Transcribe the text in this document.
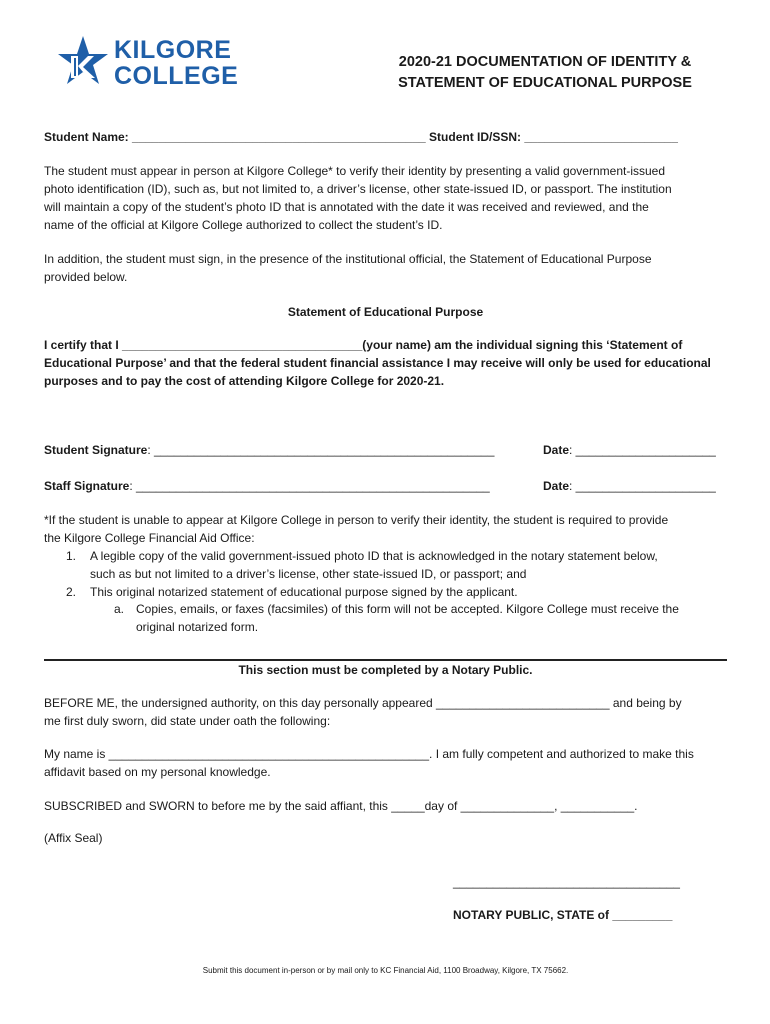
KILGORE
COLLEGE	2020-21 DOCUMENTATION OF IDENTITY &
STATEMENT OF EDUCATIONAL PURPOSE
Student Name: ____________________________________________ Student ID/SSN: _______________________
The student must appear in person at Kilgore College* to verify their identity by presenting a valid government-issued
photo identification (ID), such as, but not limited to, a driver’s license, other state-issued ID, or passport. The institution
will maintain a copy of the student’s photo ID that is annotated with the date it was received and reviewed, and the
name of the official at Kilgore College authorized to collect the student’s ID.
In addition, the student must sign, in the presence of the institutional official, the Statement of Educational Purpose
provided below.
Statement of Educational Purpose
I certify that I ____________________________________(your name) am the individual signing this ‘Statement of
Educational Purpose’ and that the federal student financial assistance I may receive will only be used for educational
purposes and to pay the cost of attending Kilgore College for 2020-21.
Student Signature: ___________________________________________________	Date: _____________________
Staff Signature: _____________________________________________________	Date: _____________________
*If the student is unable to appear at Kilgore College in person to verify their identity, the student is required to provide
the Kilgore College Financial Aid Office:
1.	A legible copy of the valid government-issued photo ID that is acknowledged in the notary statement below,
such as but not limited to a driver’s license, other state-issued ID, or passport; and
2.	This original notarized statement of educational purpose signed by the applicant.
a. Copies, emails, or faxes (facsimiles) of this form will not be accepted. Kilgore College must receive the
original notarized form.
This section must be completed by a Notary Public.
BEFORE ME, the undersigned authority, on this day personally appeared __________________________ and being by
me first duly sworn, did state under oath the following:
My name is ________________________________________________. I am fully competent and authorized to make this
affidavit based on my personal knowledge.
SUBSCRIBED and SWORN to before me by the said affiant, this _____day of ______________, ___________.
(Affix Seal)
__________________________________
NOTARY PUBLIC, STATE of _________
Submit this document in-person or by mail only to KC Financial Aid, 1100 Broadway, Kilgore, TX 75662.
